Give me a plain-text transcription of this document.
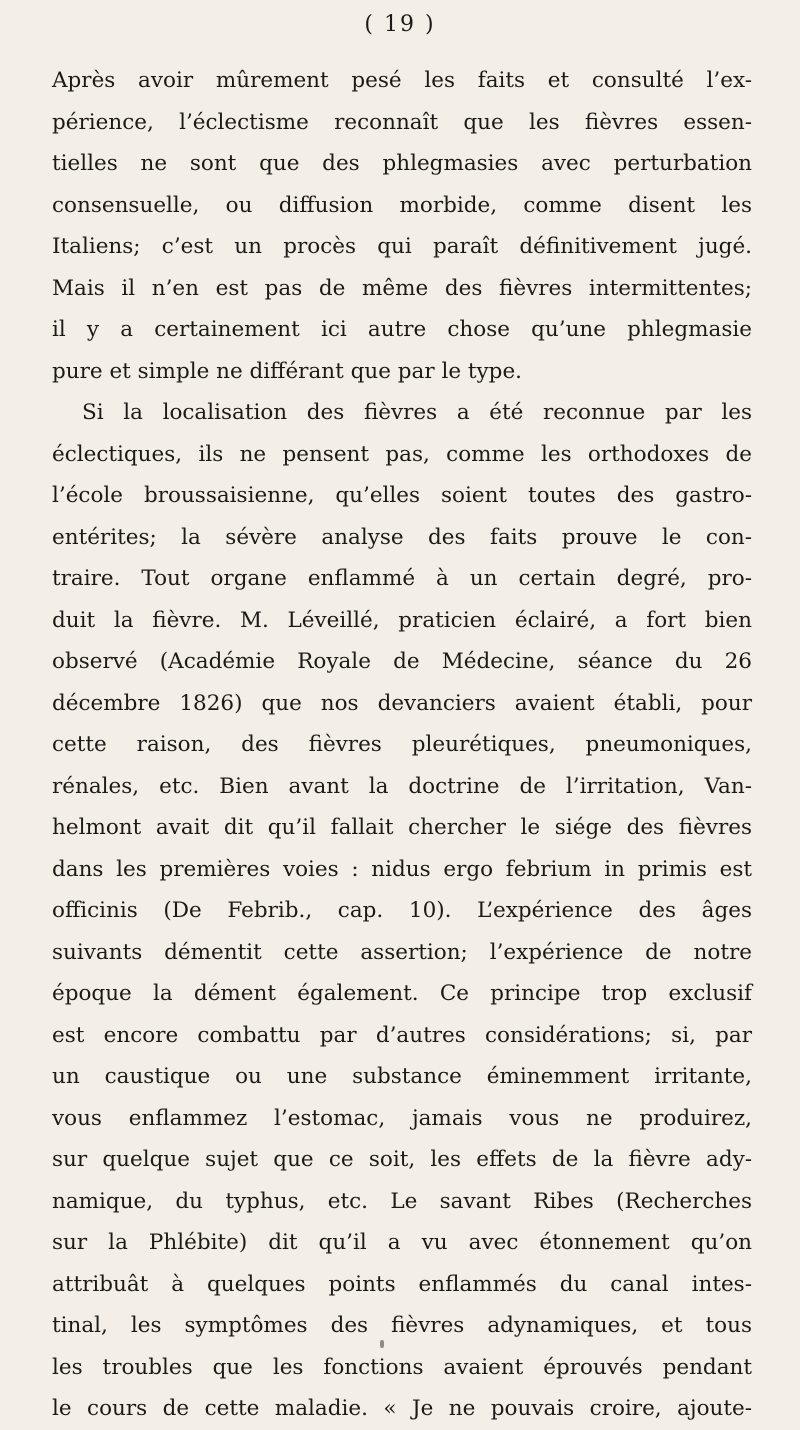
( 19 )
Après avoir mûrement pesé les faits et consulté l’ex-
périence, l’éclectisme reconnaît que les fièvres essen-
tielles ne sont que des phlegmasies avec perturbation
consensuelle, ou diffusion morbide, comme disent les
Italiens; c’est un procès qui paraît définitivement jugé.
Mais il n’en est pas de même des fièvres intermittentes;
il y a certainement ici autre chose qu’une phlegmasie
pure et simple ne différant que par le type.
Si la localisation des fièvres a été reconnue par les
éclectiques, ils ne pensent pas, comme les orthodoxes de
l’école broussaisienne, qu’elles soient toutes des gastro-
entérites; la sévère analyse des faits prouve le con-
traire. Tout organe enflammé à un certain degré, pro-
duit la fièvre. M. Léveillé, praticien éclairé, a fort bien
observé (Académie Royale de Médecine, séance du 26
décembre 1826) que nos devanciers avaient établi, pour
cette raison, des fièvres pleurétiques, pneumoniques,
rénales, etc. Bien avant la doctrine de l’irritation, Van-
helmont avait dit qu’il fallait chercher le siége des fièvres
dans les premières voies : nidus ergo febrium in primis est
officinis (De Febrib., cap. 10). L’expérience des âges
suivants démentit cette assertion; l’expérience de notre
époque la dément également. Ce principe trop exclusif
est encore combattu par d’autres considérations; si, par
un caustique ou une substance éminemment irritante,
vous enflammez l’estomac, jamais vous ne produirez,
sur quelque sujet que ce soit, les effets de la fièvre ady-
namique, du typhus, etc. Le savant Ribes (Recherches
sur la Phlébite) dit qu’il a vu avec étonnement qu’on
attribuât à quelques points enflammés du canal intes-
tinal, les symptômes des fièvres adynamiques, et tous
les troubles que les fonctions avaient éprouvés pendant
le cours de cette maladie. « Je ne pouvais croire, ajoute-
